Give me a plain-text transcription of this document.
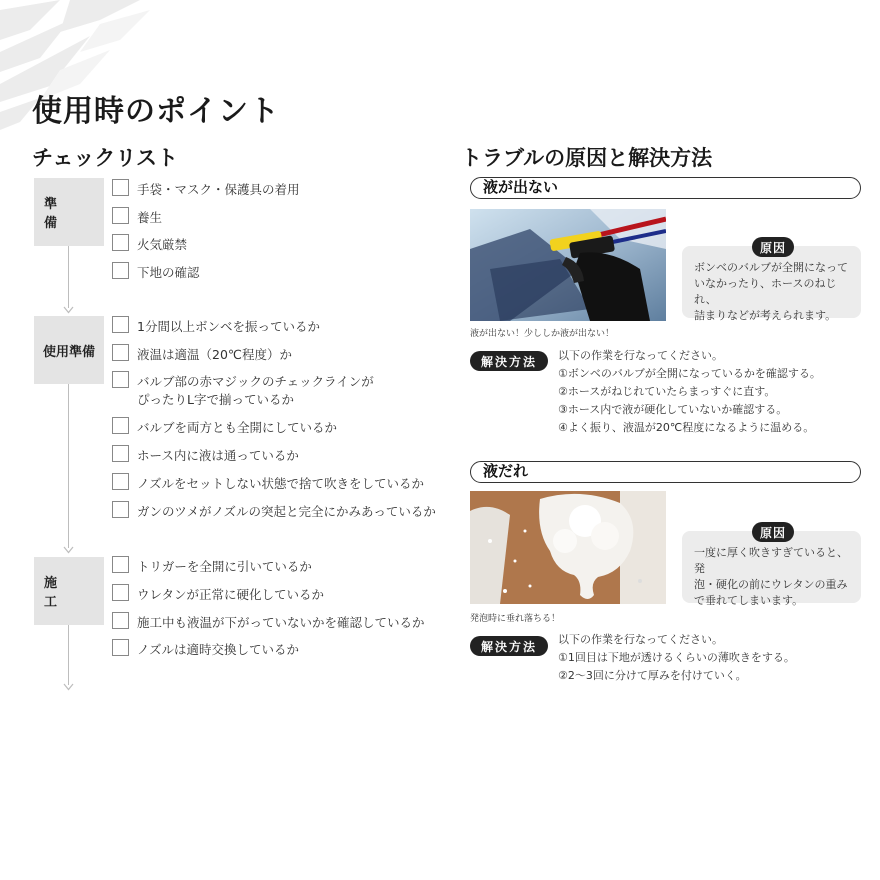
使用時のポイント
チェックリスト	トラブルの原因と解決方法
準　備
手袋・マスク・保護具の着用
養生
火気厳禁
下地の確認
使用準備
1分間以上ボンベを振っているか
液温は適温（20℃程度）か
バルブ部の赤マジックのチェックラインが
ぴったりL字で揃っているか
バルブを両方とも全開にしているか
ホース内に液は通っているか
ノズルをセットしない状態で捨て吹きをしているか
ガンのツメがノズルの突起と完全にかみあっているか
施　工
トリガーを全開に引いているか
ウレタンが正常に硬化しているか
施工中も液温が下がっていないかを確認しているか
ノズルは適時交換しているか
液が出ない
液が出ない！少ししか液が出ない！
ボンベのバルブが全開になって
いなかったり、ホースのねじれ、
詰まりなどが考えられます。
原因
解決方法	以下の作業を行なってください。
①ボンベのバルブが全開になっているかを確認する。
②ホースがねじれていたらまっすぐに直す。
③ホース内で液が硬化していないか確認する。
④よく振り、液温が20℃程度になるように温める。
液だれ
発泡時に垂れ落ちる！
一度に厚く吹きすぎていると、発
泡・硬化の前にウレタンの重み
で垂れてしまいます。
原因
解決方法	以下の作業を行なってください。
①1回目は下地が透けるくらいの薄吹きをする。
②2～3回に分けて厚みを付けていく。
